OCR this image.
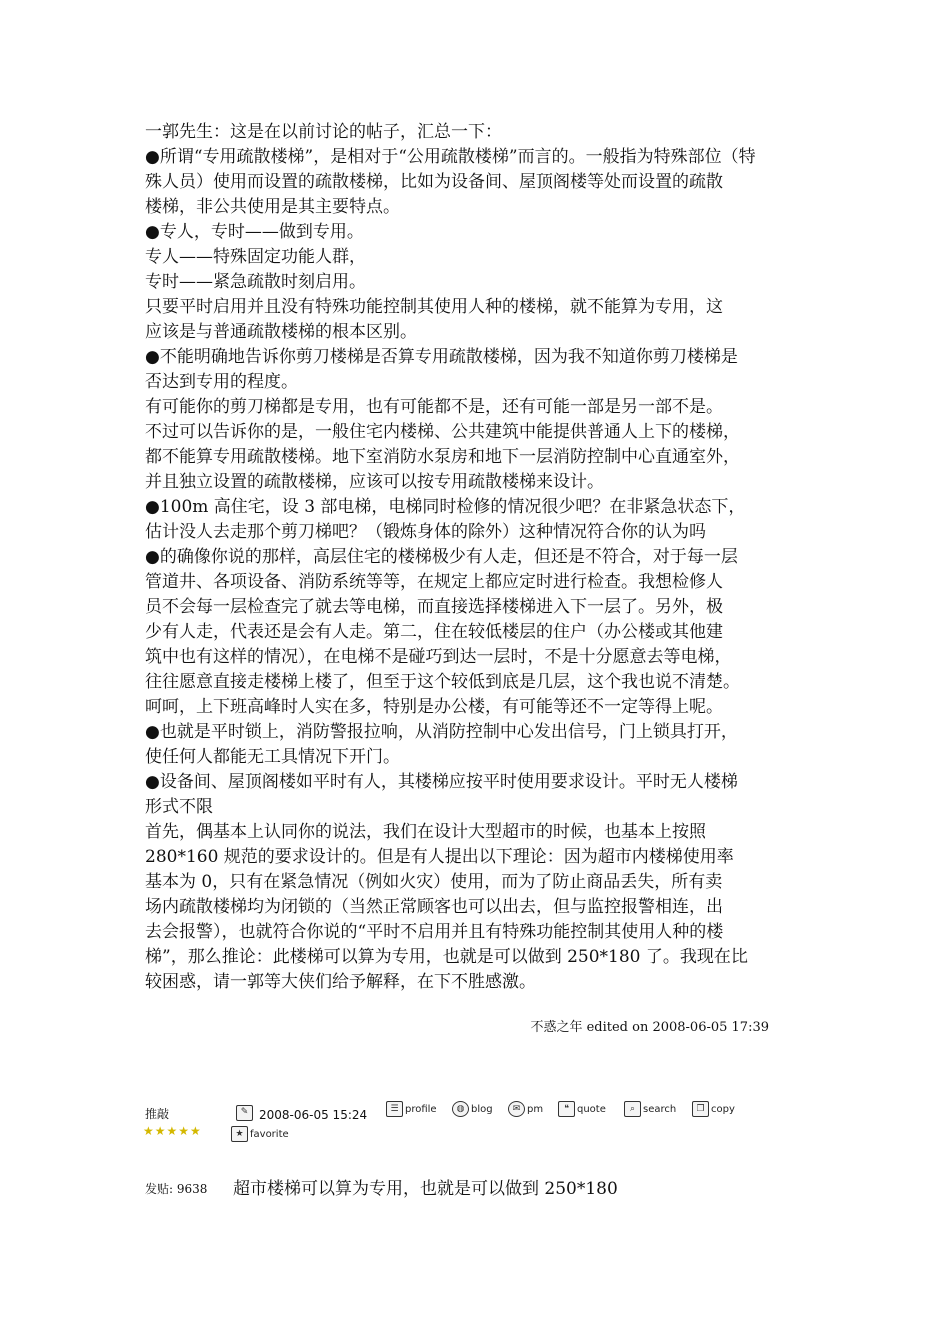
一郭先生：这是在以前讨论的帖子，汇总一下：
●所谓“专用疏散楼梯”，是相对于“公用疏散楼梯”而言的。一般指为特殊部位（特
殊人员）使用而设置的疏散楼梯，比如为设备间、屋顶阁楼等处而设置的疏散
楼梯，非公共使用是其主要特点。
●专人，专时——做到专用。
专人——特殊固定功能人群，
专时——紧急疏散时刻启用。
只要平时启用并且没有特殊功能控制其使用人种的楼梯，就不能算为专用，这
应该是与普通疏散楼梯的根本区别。
●不能明确地告诉你剪刀楼梯是否算专用疏散楼梯，因为我不知道你剪刀楼梯是
否达到专用的程度。
有可能你的剪刀梯都是专用，也有可能都不是，还有可能一部是另一部不是。
不过可以告诉你的是，一般住宅内楼梯、公共建筑中能提供普通人上下的楼梯，
都不能算专用疏散楼梯。地下室消防水泵房和地下一层消防控制中心直通室外，
并且独立设置的疏散楼梯，应该可以按专用疏散楼梯来设计。
●100m 高住宅，设 3 部电梯，电梯同时检修的情况很少吧？在非紧急状态下，
估计没人去走那个剪刀梯吧？（锻炼身体的除外）这种情况符合你的认为吗
●的确像你说的那样，高层住宅的楼梯极少有人走，但还是不符合，对于每一层
管道井、各项设备、消防系统等等，在规定上都应定时进行检查。我想检修人
员不会每一层检查完了就去等电梯，而直接选择楼梯进入下一层了。另外，极
少有人走，代表还是会有人走。第二，住在较低楼层的住户（办公楼或其他建
筑中也有这样的情况），在电梯不是碰巧到达一层时，不是十分愿意去等电梯，
往往愿意直接走楼梯上楼了，但至于这个较低到底是几层，这个我也说不清楚。
呵呵，上下班高峰时人实在多，特别是办公楼，有可能等还不一定等得上呢。
●也就是平时锁上，消防警报拉响，从消防控制中心发出信号，门上锁具打开，
使任何人都能无工具情况下开门。
●设备间、屋顶阁楼如平时有人，其楼梯应按平时使用要求设计。平时无人楼梯
形式不限
首先，偶基本上认同你的说法，我们在设计大型超市的时候，也基本上按照
280*160 规范的要求设计的。但是有人提出以下理论：因为超市内楼梯使用率
基本为 0，只有在紧急情况（例如火灾）使用，而为了防止商品丢失，所有卖
场内疏散楼梯均为闭锁的（当然正常顾客也可以出去，但与监控报警相连，出
去会报警），也就符合你说的“平时不启用并且有特殊功能控制其使用人种的楼
梯”，那么推论：此楼梯可以算为专用，也就是可以做到 250*180 了。我现在比
较困惑，请一郭等大侠们给予解释，在下不胜感激。
不惑之年 edited on 2008-06-05 17:39
推敲
★★★★★
✎ 2008-06-05 15:24	☰ profile	◍ blog	✉ pm	❝ quote	⌕ search	❐ copy
★ favorite
发贴: 9638 超市楼梯可以算为专用，也就是可以做到 250*180
